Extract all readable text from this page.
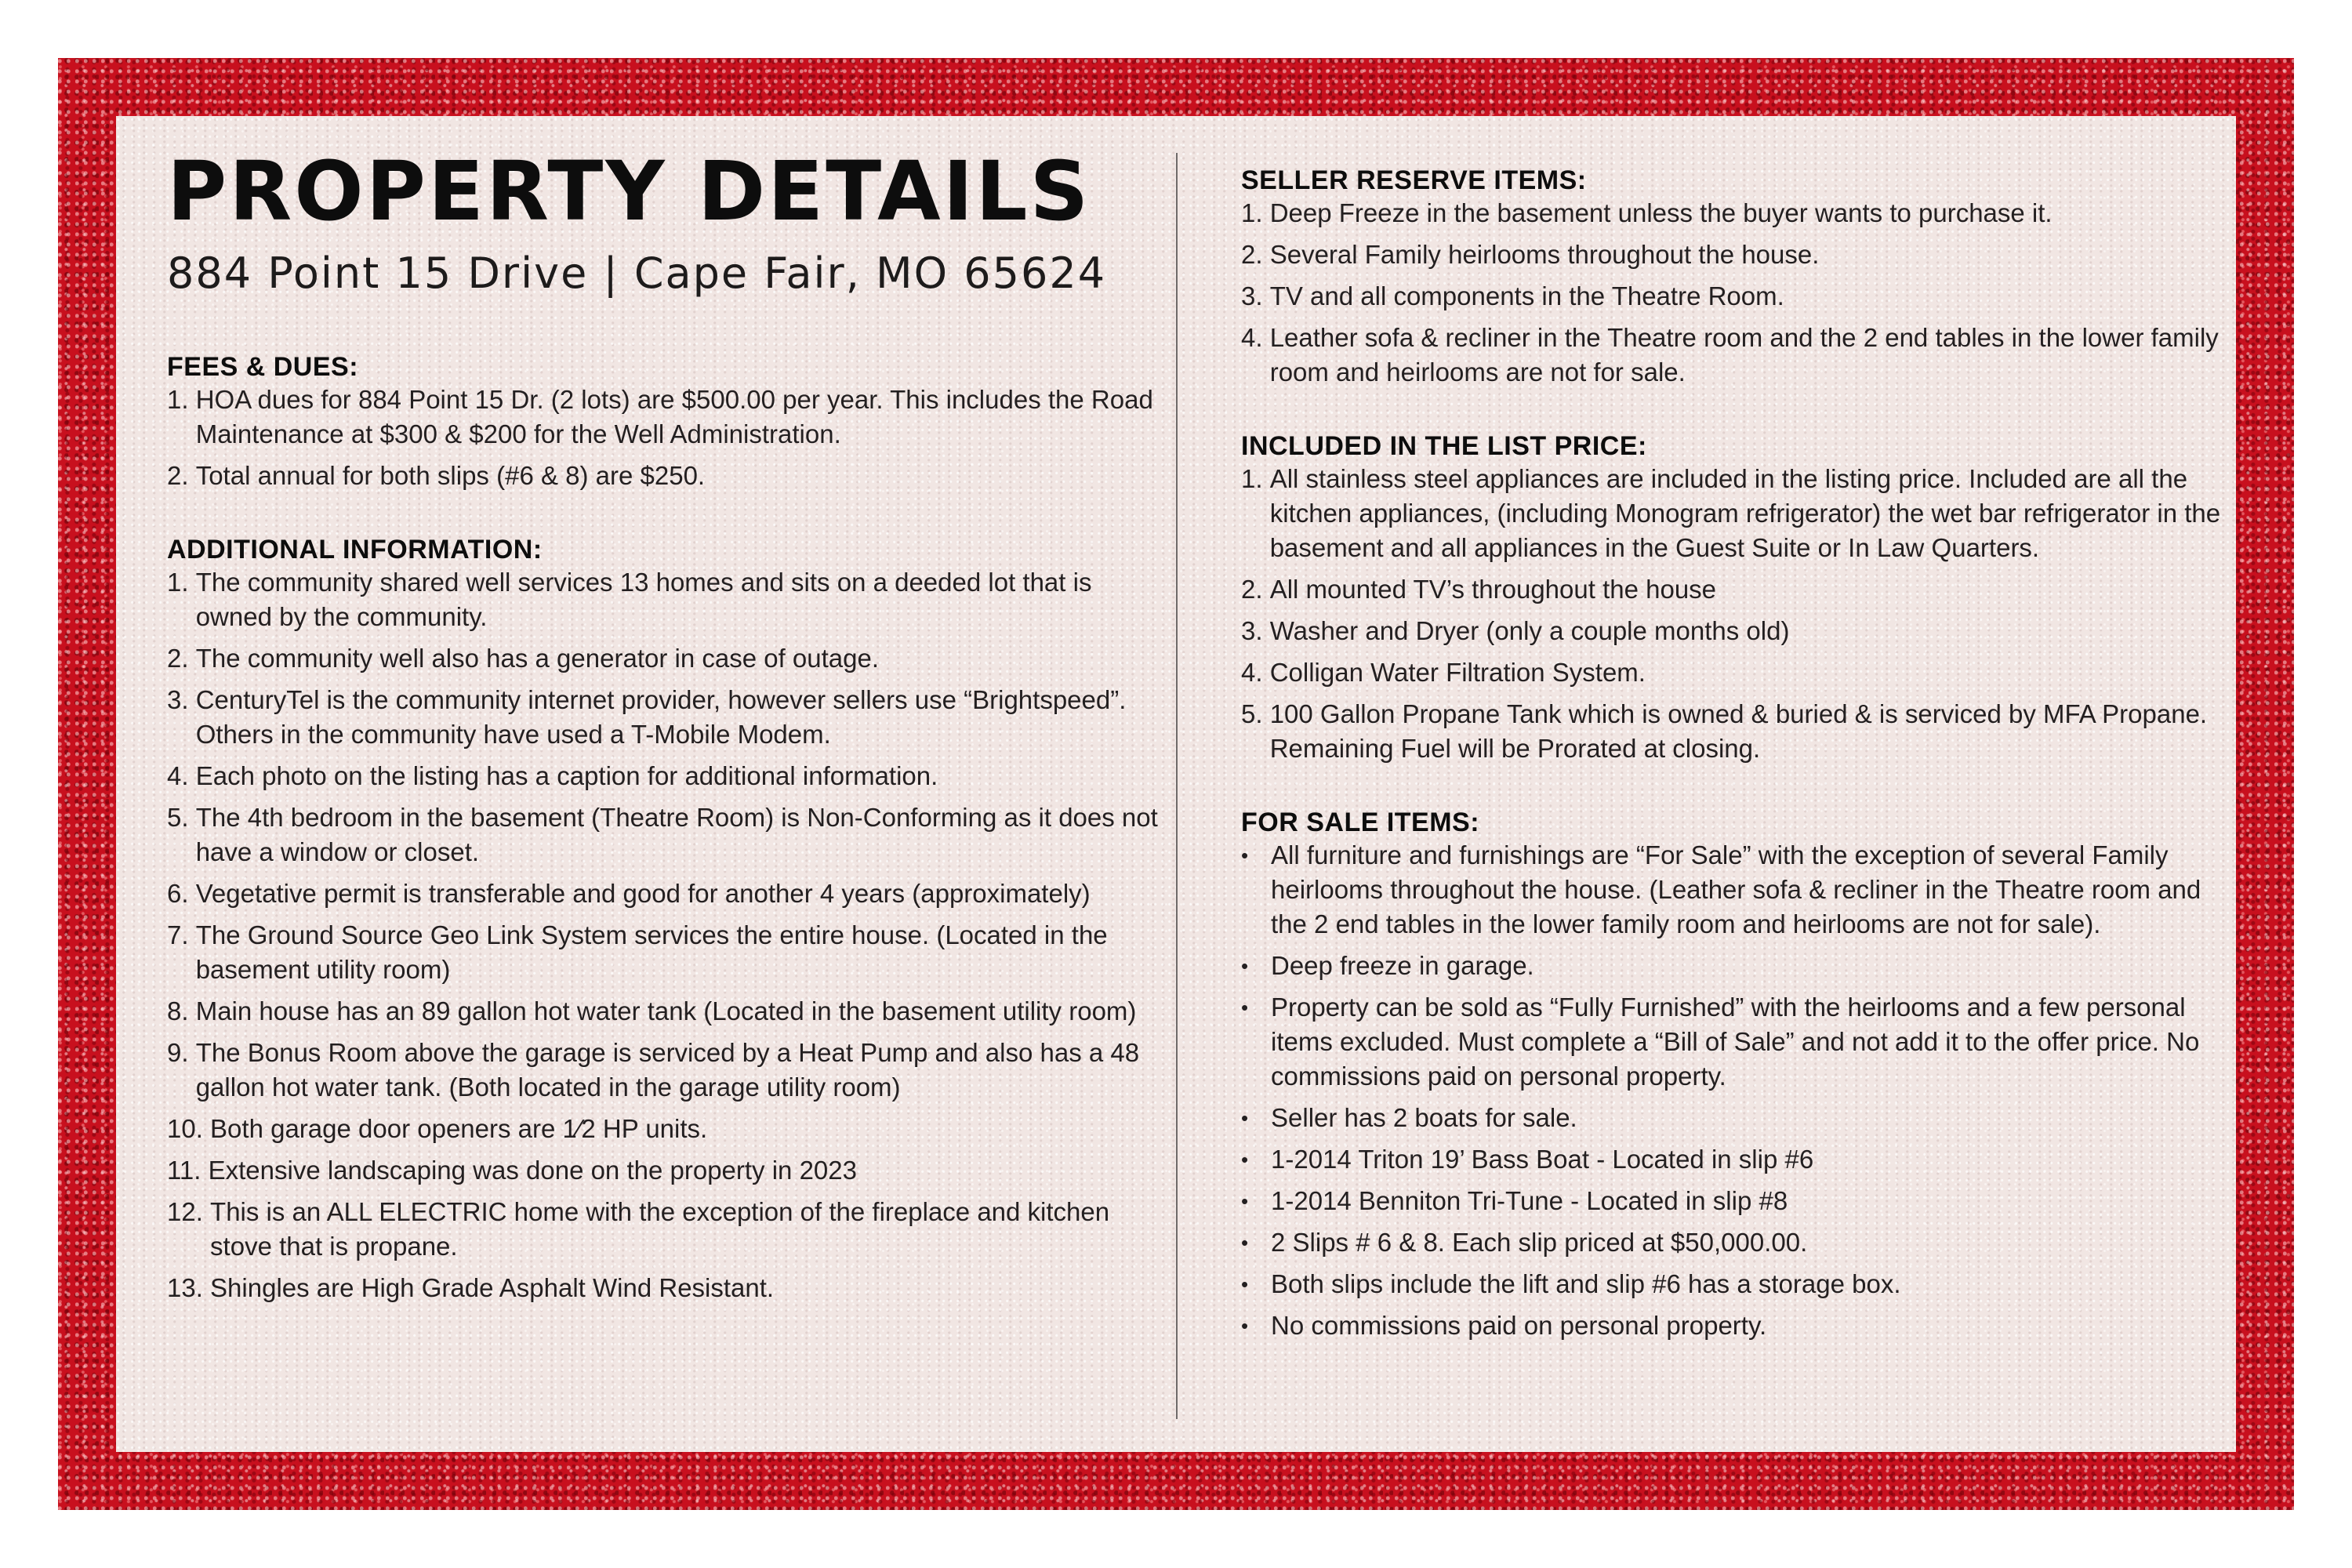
PROPERTY DETAILS
884 Point 15 Drive | Cape Fair, MO 65624
FEES & DUES:
1.
HOA dues for 884 Point 15 Dr. (2 lots) are $500.00 per year. This includes the Road Maintenance at $300 & $200 for the Well Administration.
2.
Total annual for both slips (#6 & 8) are $250.
ADDITIONAL INFORMATION:
1.
The community shared well services 13 homes and sits on a deeded lot that is owned by the community.
2.
The community well also has a generator in case of outage.
3.
CenturyTel is the community internet provider, however sellers use “Brightspeed”. Others in the community have used a T-Mobile Modem.
4.
Each photo on the listing has a caption for additional information.
5.
The 4th bedroom in the basement (Theatre Room) is Non-Conforming as it does not have a window or closet.
6.
Vegetative permit is transferable and good for another 4 years (approximately)
7.
The Ground Source Geo Link System services the entire house. (Located in the basement utility room)
8.
Main house has an 89 gallon hot water tank (Located in the basement utility room)
9.
The Bonus Room above the garage is serviced by a Heat Pump and also has a 48 gallon hot water tank. (Both located in the garage utility room)
10.
Both garage door openers are 1⁄2 HP units.
11.
Extensive landscaping was done on the property in 2023
12.
This is an ALL ELECTRIC home with the exception of the fireplace and kitchen stove that is propane.
13.
Shingles are High Grade Asphalt Wind Resistant.
SELLER RESERVE ITEMS:
1.
Deep Freeze in the basement unless the buyer wants to purchase it.
2.
Several Family heirlooms throughout the house.
3.
TV and all components in the Theatre Room.
4.
Leather sofa & recliner in the Theatre room and the 2 end tables in the lower family room and heirlooms are not for sale.
INCLUDED IN THE LIST PRICE:
1.
All stainless steel appliances are included in the listing price. Included are all the kitchen appliances, (including Monogram refrigerator) the wet bar refrigerator in the basement and all appliances in the Guest Suite or In Law Quarters.
2.
All mounted TV’s throughout the house
3.
Washer and Dryer (only a couple months old)
4.
Colligan Water Filtration System.
5.
100 Gallon Propane Tank which is owned & buried & is serviced by MFA Propane. Remaining Fuel will be Prorated at closing.
FOR SALE ITEMS:
• All furniture and furnishings are “For Sale” with the exception of several Family heirlooms throughout the house. (Leather sofa & recliner in the Theatre room and the 2 end tables in the lower family room and heirlooms are not for sale).
• Deep freeze in garage.
• Property can be sold as “Fully Furnished” with the heirlooms and a few personal items excluded. Must complete a “Bill of Sale” and not add it to the offer price. No commissions paid on personal property.
• Seller has 2 boats for sale.
• 1-2014 Triton 19’ Bass Boat - Located in slip #6
• 1-2014 Benniton Tri-Tune - Located in slip #8
• 2 Slips # 6 & 8. Each slip priced at $50,000.00.
• Both slips include the lift and slip #6 has a storage box.
• No commissions paid on personal property.
